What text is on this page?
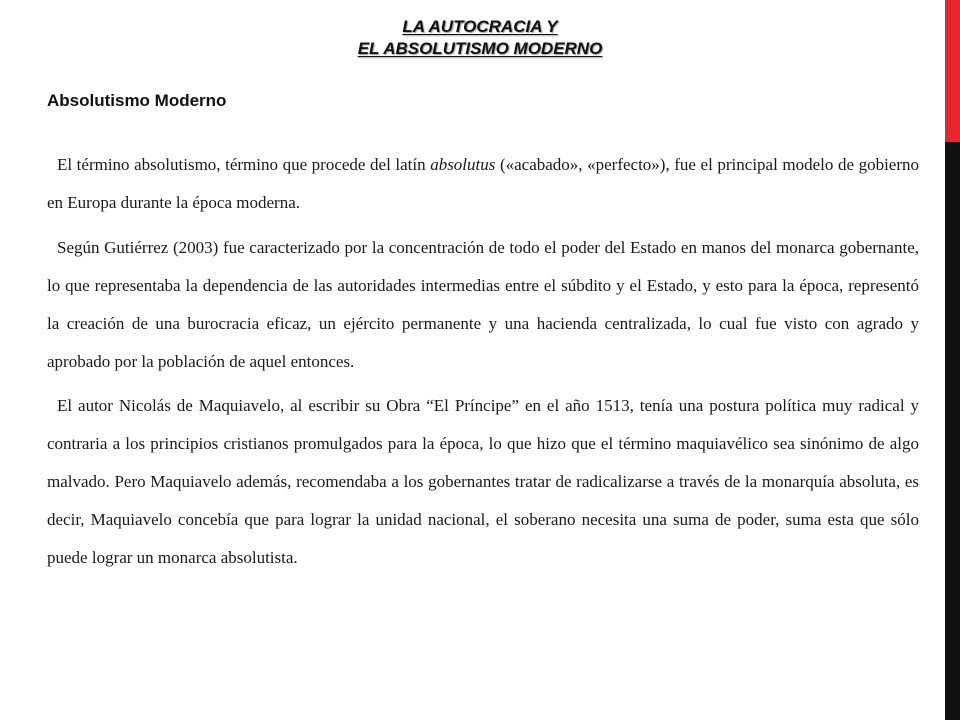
LA AUTOCRACIA Y
EL ABSOLUTISMO MODERNO
Absolutismo Moderno

El término absolutismo, término que procede del latín absolutus («acabado», «perfecto»), fue el principal modelo de gobierno en Europa durante la época moderna.

Según Gutiérrez (2003) fue caracterizado por la concentración de todo el poder del Estado en manos del monarca gobernante, lo que representaba la dependencia de las autoridades intermedias entre el súbdito y el Estado, y esto para la época, representó la creación de una burocracia eficaz, un ejército permanente y una hacienda centralizada, lo cual fue visto con agrado y aprobado por la población de aquel entonces.

El autor Nicolás de Maquiavelo, al escribir su Obra “El Príncipe” en el año 1513, tenía una postura política muy radical y contraria a los principios cristianos promulgados para la época, lo que hizo que el término maquiavélico sea sinónimo de algo malvado. Pero Maquiavelo además, recomendaba a los gobernantes tratar de radicalizarse a través de la monarquía absoluta, es decir, Maquiavelo concebía que para lograr la unidad nacional, el soberano necesita una suma de poder, suma esta que sólo puede lograr un monarca absolutista.
